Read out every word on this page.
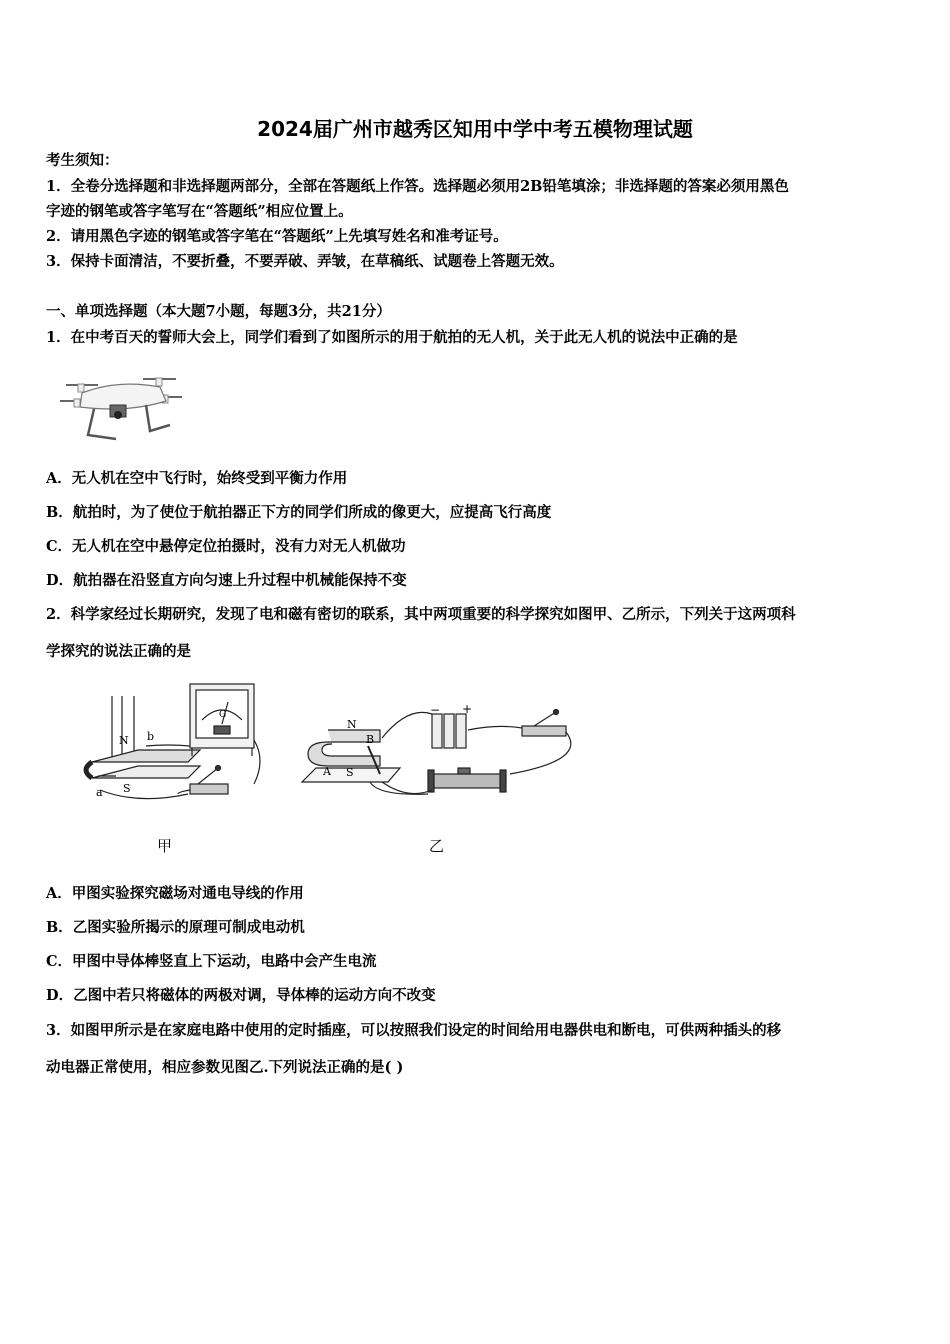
2024届广州市越秀区知用中学中考五模物理试题
考生须知：
1．全卷分选择题和非选择题两部分，全部在答题纸上作答。选择题必须用2B铅笔填涂；非选择题的答案必须用黑色
字迹的钢笔或答字笔写在“答题纸”相应位置上。
2．请用黑色字迹的钢笔或答字笔在“答题纸”上先填写姓名和准考证号。
3．保持卡面清洁，不要折叠，不要弄破、弄皱，在草稿纸、试题卷上答题无效。
一、单项选择题（本大题7小题，每题3分，共21分）
1．在中考百天的誓师大会上，同学们看到了如图所示的用于航拍的无人机，关于此无人机的说法中正确的是
A．无人机在空中飞行时，始终受到平衡力作用
B．航拍时，为了使位于航拍器正下方的同学们所成的像更大，应提高飞行高度
C．无人机在空中悬停定位拍摄时，没有力对无人机做功
D．航拍器在沿竖直方向匀速上升过程中机械能保持不变
2．科学家经过长期研究，发现了电和磁有密切的联系，其中两项重要的科学探究如图甲、乙所示，下列关于这两项科
学探究的说法正确的是
N
S
a
b
G
N
S
A
B
− +
甲	乙
A．甲图实验探究磁场对通电导线的作用
B．乙图实验所揭示的原理可制成电动机
C．甲图中导体棒竖直上下运动，电路中会产生电流
D．乙图中若只将磁体的两极对调，导体棒的运动方向不改变
3．如图甲所示是在家庭电路中使用的定时插座，可以按照我们设定的时间给用电器供电和断电，可供两种插头的移
动电器正常使用，相应参数见图乙.下列说法正确的是( )
